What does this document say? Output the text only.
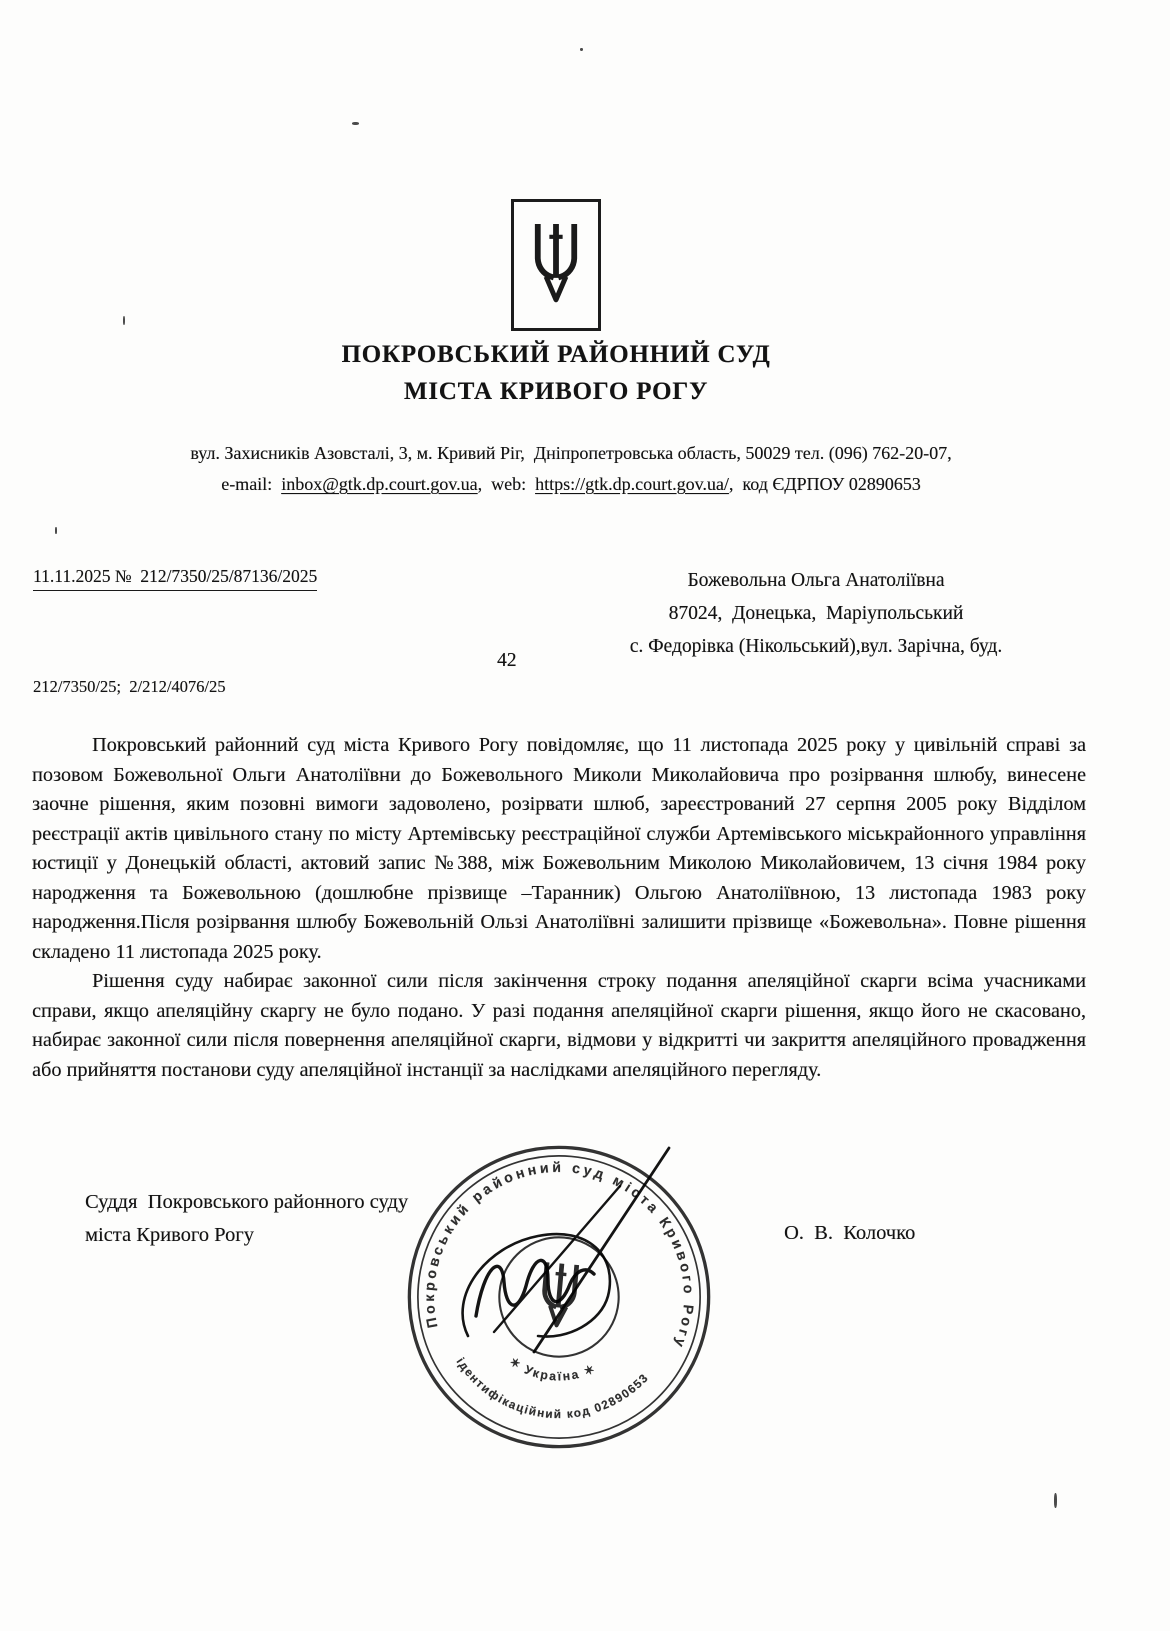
ПОКРОВСЬКИЙ РАЙОННИЙ СУД
МІСТА КРИВОГО РОГУ
вул. Захисників Азовсталі, 3, м. Кривий Ріг,  Дніпропетровська область, 50029 тел. (096) 762-20-07,
e-mail:  inbox@gtk.dp.court.gov.ua,  web:  https://gtk.dp.court.gov.ua/,  код ЄДРПОУ 02890653
11.11.2025 №  212/7350/25/87136/2025	Божевольна Ольга Анатоліївна
87024,  Донецька,  Маріупольський
с. Федорівка (Нікольський),вул. Зарічна, буд.
42
212/7350/25;  2/212/4076/25

Покровський районний суд міста Кривого Рогу повідомляє, що 11 листопада 2025 року у цивільній справі за позовом Божевольної Ольги Анатоліївни до Божевольного Миколи Миколайовича про розірвання шлюбу, винесене заочне рішення, яким позовні вимоги задоволено, розірвати шлюб, зареєстрований 27 серпня 2005 року Відділом реєстрації актів цивільного стану по місту Артемівську реєстраційної служби Артемівського міськрайонного управління юстиції у Донецькій області, актовий запис №388, між Божевольним Миколою Миколайовичем, 13 січня 1984 року народження та Божевольною (дошлюбне прізвище –Таранник) Ольгою Анатоліївною, 13 листопада 1983 року народження.Після розірвання шлюбу Божевольній Ользі Анатоліївні залишити прізвище «Божевольна». Повне рішення складено 11 листопада 2025 року.

Рішення суду набирає законної сили після закінчення строку подання апеляційної скарги всіма учасниками справи, якщо апеляційну скаргу не було подано. У разі подання апеляційної скарги рішення, якщо його не скасовано, набирає законної сили після повернення апеляційної скарги, відмови у відкритті чи закриття апеляційного провадження або прийняття постанови суду апеляційної інстанції за наслідками апеляційного перегляду.

Суддя  Покровського районного суду
міста Кривого Рогу	О.  В.  Колочко
Покровський районний суд міста Кривого Рогу
ідентифікаційний код 02890653
✶ Україна ✶
